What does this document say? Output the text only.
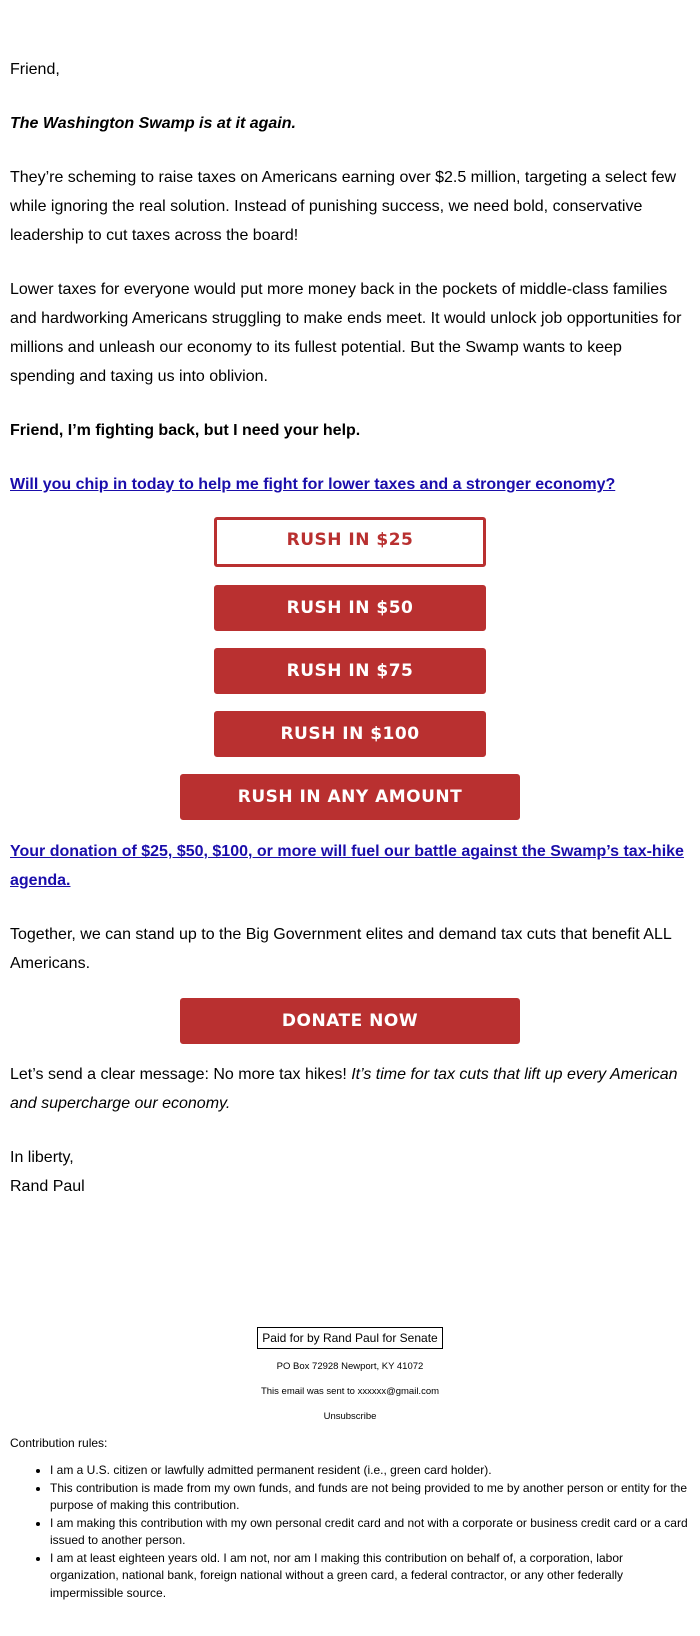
Friend,

The Washington Swamp is at it again.

They’re scheming to raise taxes on Americans earning over $2.5 million, targeting a select few while ignoring the real solution. Instead of punishing success, we need bold, conservative leadership to cut taxes across the board!

Lower taxes for everyone would put more money back in the pockets of middle-class families and hardworking Americans struggling to make ends meet. It would unlock job opportunities for millions and unleash our economy to its fullest potential. But the Swamp wants to keep spending and taxing us into oblivion.

Friend, I’m fighting back, but I need your help.

Will you chip in today to help me fight for lower taxes and a stronger economy?

RUSH IN $25
RUSH IN $50
RUSH IN $75
RUSH IN $100
RUSH IN ANY AMOUNT

Your donation of $25, $50, $100, or more will fuel our battle against the Swamp’s tax-hike agenda.

Together, we can stand up to the Big Government elites and demand tax cuts that benefit ALL Americans.

DONATE NOW

Let’s send a clear message: No more tax hikes! It’s time for tax cuts that lift up every American and supercharge our economy.

In liberty,

Rand Paul

Paid for by Rand Paul for Senate

PO Box 72928 Newport, KY 41072

This email was sent to xxxxxx@gmail.com

Unsubscribe

Contribution rules:

• I am a U.S. citizen or lawfully admitted permanent resident (i.e., green card holder).
• This contribution is made from my own funds, and funds are not being provided to me by another person or entity for the purpose of making this contribution.
• I am making this contribution with my own personal credit card and not with a corporate or business credit card or a card issued to another person.
• I am at least eighteen years old. I am not, nor am I making this contribution on behalf of, a corporation, labor organization, national bank, foreign national without a green card, a federal contractor, or any other federally impermissible source.
